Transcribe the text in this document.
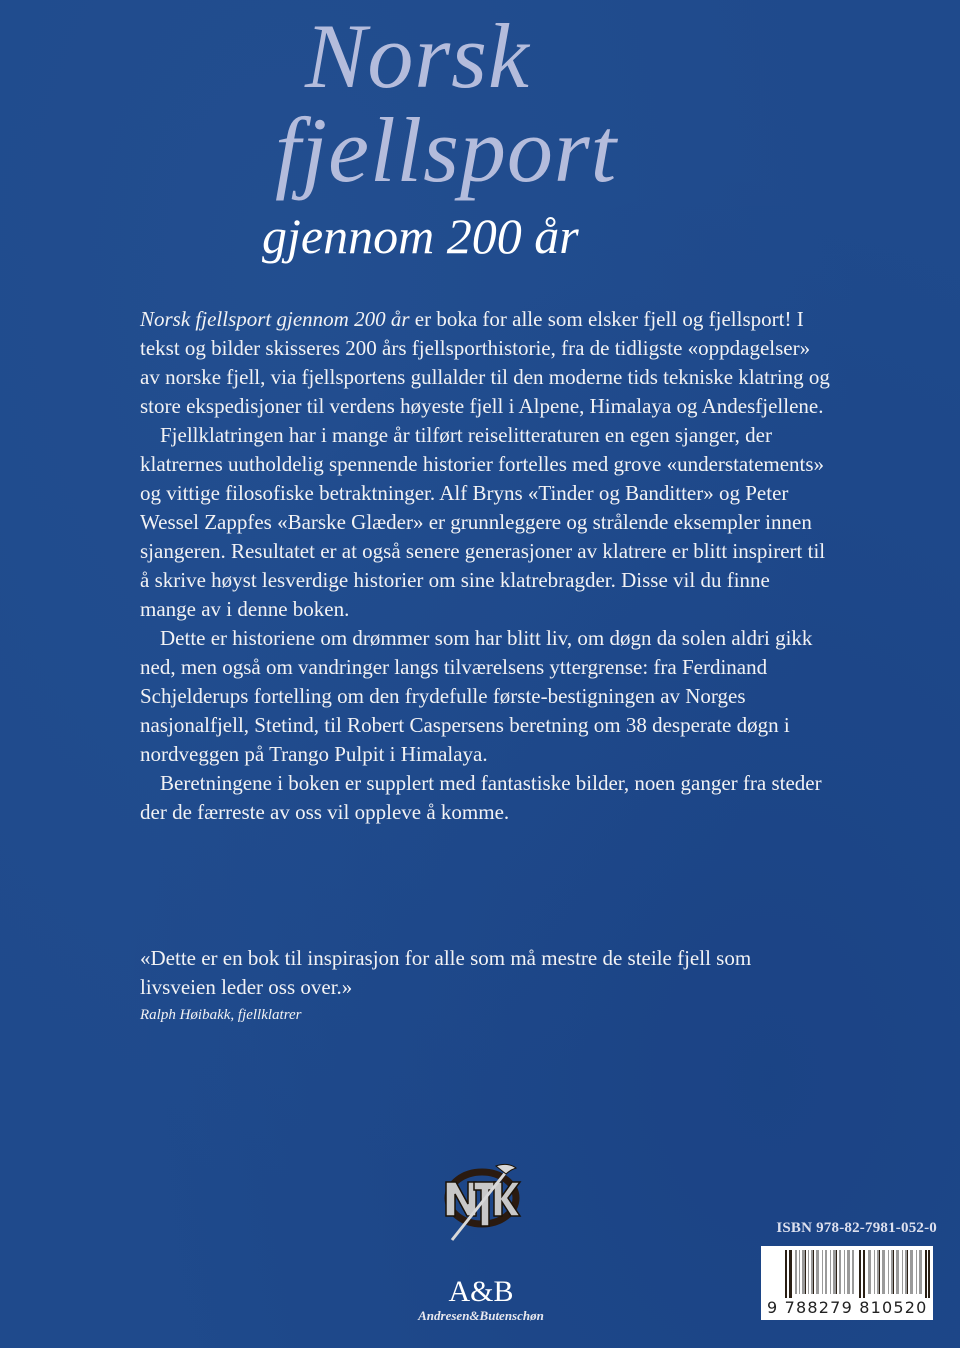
Norsk
fjellsport
gjennom 200 år

Norsk fjellsport gjennom 200 år er boka for alle som elsker fjell og fjellsport! I tekst og bilder skisseres 200 års fjellsporthistorie, fra de tidligste «oppdagelser» av norske fjell, via fjellsportens gullalder til den moderne tids tekniske klatring og store ekspedisjoner til verdens høyeste fjell i Alpene, Himalaya og Andesfjellene.

Fjellklatringen har i mange år tilført reiselitteraturen en egen sjanger, der klatrernes uutholdelig spennende historier fortelles med grove «understatements» og vittige filosofiske betraktninger. Alf Bryns «Tinder og Banditter» og Peter Wessel Zappfes «Barske Glæder» er grunnleggere og strålende eksempler innen sjangeren. Resultatet er at også senere generasjoner av klatrere er blitt inspirert til å skrive høyst lesverdige historier om sine klatrebragder. Disse vil du finne mange av i denne boken.

Dette er historiene om drømmer som har blitt liv, om døgn da solen aldri gikk ned, men også om vandringer langs tilværelsens yttergrense: fra Ferdinand Schjelderups fortelling om den frydefulle første-bestigningen av Norges nasjonalfjell, Stetind, til Robert Caspersens beretning om 38 desperate døgn i nordveggen på Trango Pulpit i Himalaya.

Beretningene i boken er supplert med fantastiske bilder, noen ganger fra steder der de færreste av oss vil oppleve å komme.

«Dette er en bok til inspirasjon for alle som må mestre de steile fjell som livsveien leder oss over.»
Ralph Høibakk, fjellklatrer
A&B
Andresen&Butenschøn
ISBN 978-82-7981-052-0
9 788279 810520
